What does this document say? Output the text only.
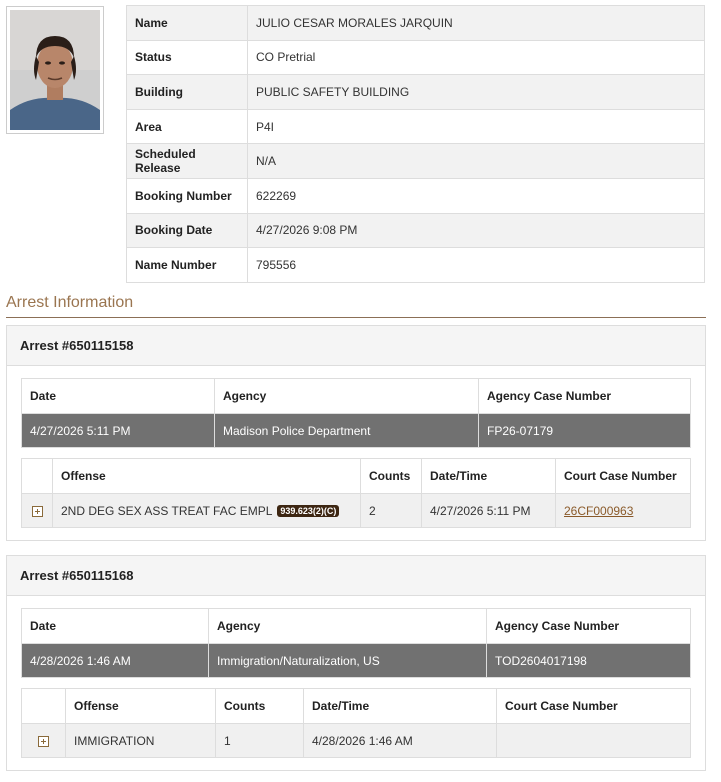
Name	JULIO CESAR MORALES JARQUIN
Status	CO Pretrial
Building	PUBLIC SAFETY BUILDING
Area	P4I
Scheduled Release	N/A
Booking Number	622269
Booking Date	4/27/2026 9:08 PM
Name Number	795556
Arrest Information
Arrest #650115158
Date	Agency	Agency Case Number
4/27/2026 5:11 PM	Madison Police Department	FP26-07179
	Offense	Counts	Date/Time	Court Case Number
	2ND DEG SEX ASS TREAT FAC EMPL 939.623(2)(C)	2	4/27/2026 5:11 PM	26CF000963
Arrest #650115168
Date	Agency	Agency Case Number
4/28/2026 1:46 AM	Immigration/Naturalization, US	TOD2604017198
	Offense	Counts	Date/Time	Court Case Number
	IMMIGRATION	1	4/28/2026 1:46 AM	
